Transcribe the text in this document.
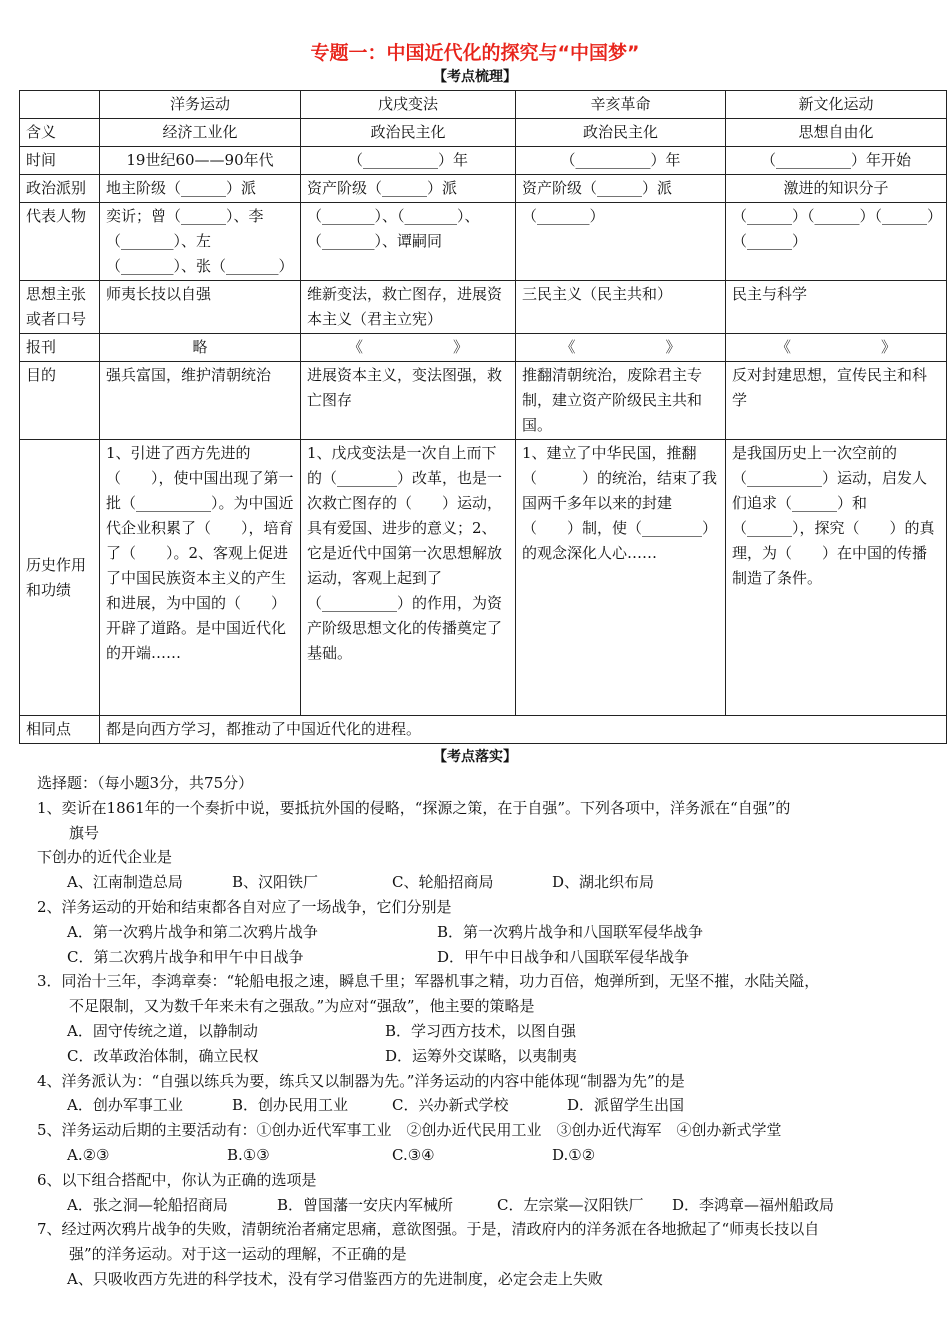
专题一：中国近代化的探究与“中国梦”
【考点梳理】
	洋务运动	戊戌变法	辛亥革命	新文化运动
含义	经济工业化	政治民主化	政治民主化	思想自由化
时间	19世纪60——90年代	（__________）年	（__________）年	（__________）年开始
政治派别	地主阶级（______）派	资产阶级（______）派	资产阶级（______）派	激进的知识分子
代表人物	奕䜣；曾（______）、李（_______）、左（_______）、张（_______）	（_______）、（_______）、（_______）、谭嗣同	（_______）	（______）（______）（______）（______）
思想主张或者口号	师夷长技以自强	维新变法，救亡图存，进展资本主义（君主立宪）	三民主义（民主共和）	民主与科学
报刊	略	《　　　　　　》	《　　　　　　》	《　　　　　　》
目的	强兵富国，维护清朝统治	进展资本主义，变法图强，救亡图存	推翻清朝统治，废除君主专制，建立资产阶级民主共和国。	反对封建思想，宣传民主和科学
历史作用和功绩	1、引进了西方先进的（　　），使中国出现了第一批（__________）。为中国近代企业积累了（　　），培育了（　　）。2、客观上促进了中国民族资本主义的产生和进展，为中国的（　　）开辟了道路。是中国近代化的开端……	1、戊戌变法是一次自上而下的（________）改革，也是一次救亡图存的（　　）运动，具有爱国、进步的意义；2、它是近代中国第一次思想解放运动，客观上起到了（__________）的作用，为资产阶级思想文化的传播奠定了基础。	1、建立了中华民国，推翻（　　　）的统治，结束了我国两千多年以来的封建（　　）制，使（________）的观念深化人心……	是我国历史上一次空前的（__________）运动，启发人们追求（______）和（______），探究（　　）的真理，为（　　）在中国的传播制造了条件。
相同点	都是向西方学习，都推动了中国近代化的进程。			
【考点落实】

选择题：（每小题3分，共75分）

1、奕䜣在1861年的一个奏折中说，要抵抗外国的侵略，“探源之策，在于自强”。下列各项中，洋务派在“自强”的

旗号

下创办的近代企业是

A、江南制造总局	B、汉阳铁厂	C、轮船招商局	D、湖北织布局

2、洋务运动的开始和结束都各自对应了一场战争，它们分别是

A．第一次鸦片战争和第二次鸦片战争	B．第一次鸦片战争和八国联军侵华战争
C．第二次鸦片战争和甲午中日战争	D．甲午中日战争和八国联军侵华战争

3．同治十三年，李鸿章奏：“轮船电报之速，瞬息千里；军器机事之精，功力百倍，炮弹所到，无坚不摧，水陆关隘，

不足限制，又为数千年来未有之强敌。”为应对“强敌”，他主要的策略是

A．固守传统之道，以静制动	B．学习西方技术，以图自强
C．改革政治体制，确立民权	D．运筹外交谋略，以夷制夷

4、洋务派认为：“自强以练兵为要，练兵又以制器为先。”洋务运动的内容中能体现“制器为先”的是

A．创办军事工业	B．创办民用工业	C．兴办新式学校	D．派留学生出国

5、洋务运动后期的主要活动有：①创办近代军事工业　②创办近代民用工业　③创办近代海军　④创办新式学堂

A.②③	B.①③	C.③④	D.①②

6、以下组合搭配中，你认为正确的选项是

A．张之洞—轮船招商局	B．曾国藩一安庆内军械所	C．左宗棠—汉阳铁厂	D．李鸿章—福州船政局

7、经过两次鸦片战争的失败，清朝统治者痛定思痛，意欲图强。于是，清政府内的洋务派在各地掀起了“师夷长技以自

强”的洋务运动。对于这一运动的理解，不正确的是

A、只吸收西方先进的科学技术，没有学习借鉴西方的先进制度，必定会走上失败
